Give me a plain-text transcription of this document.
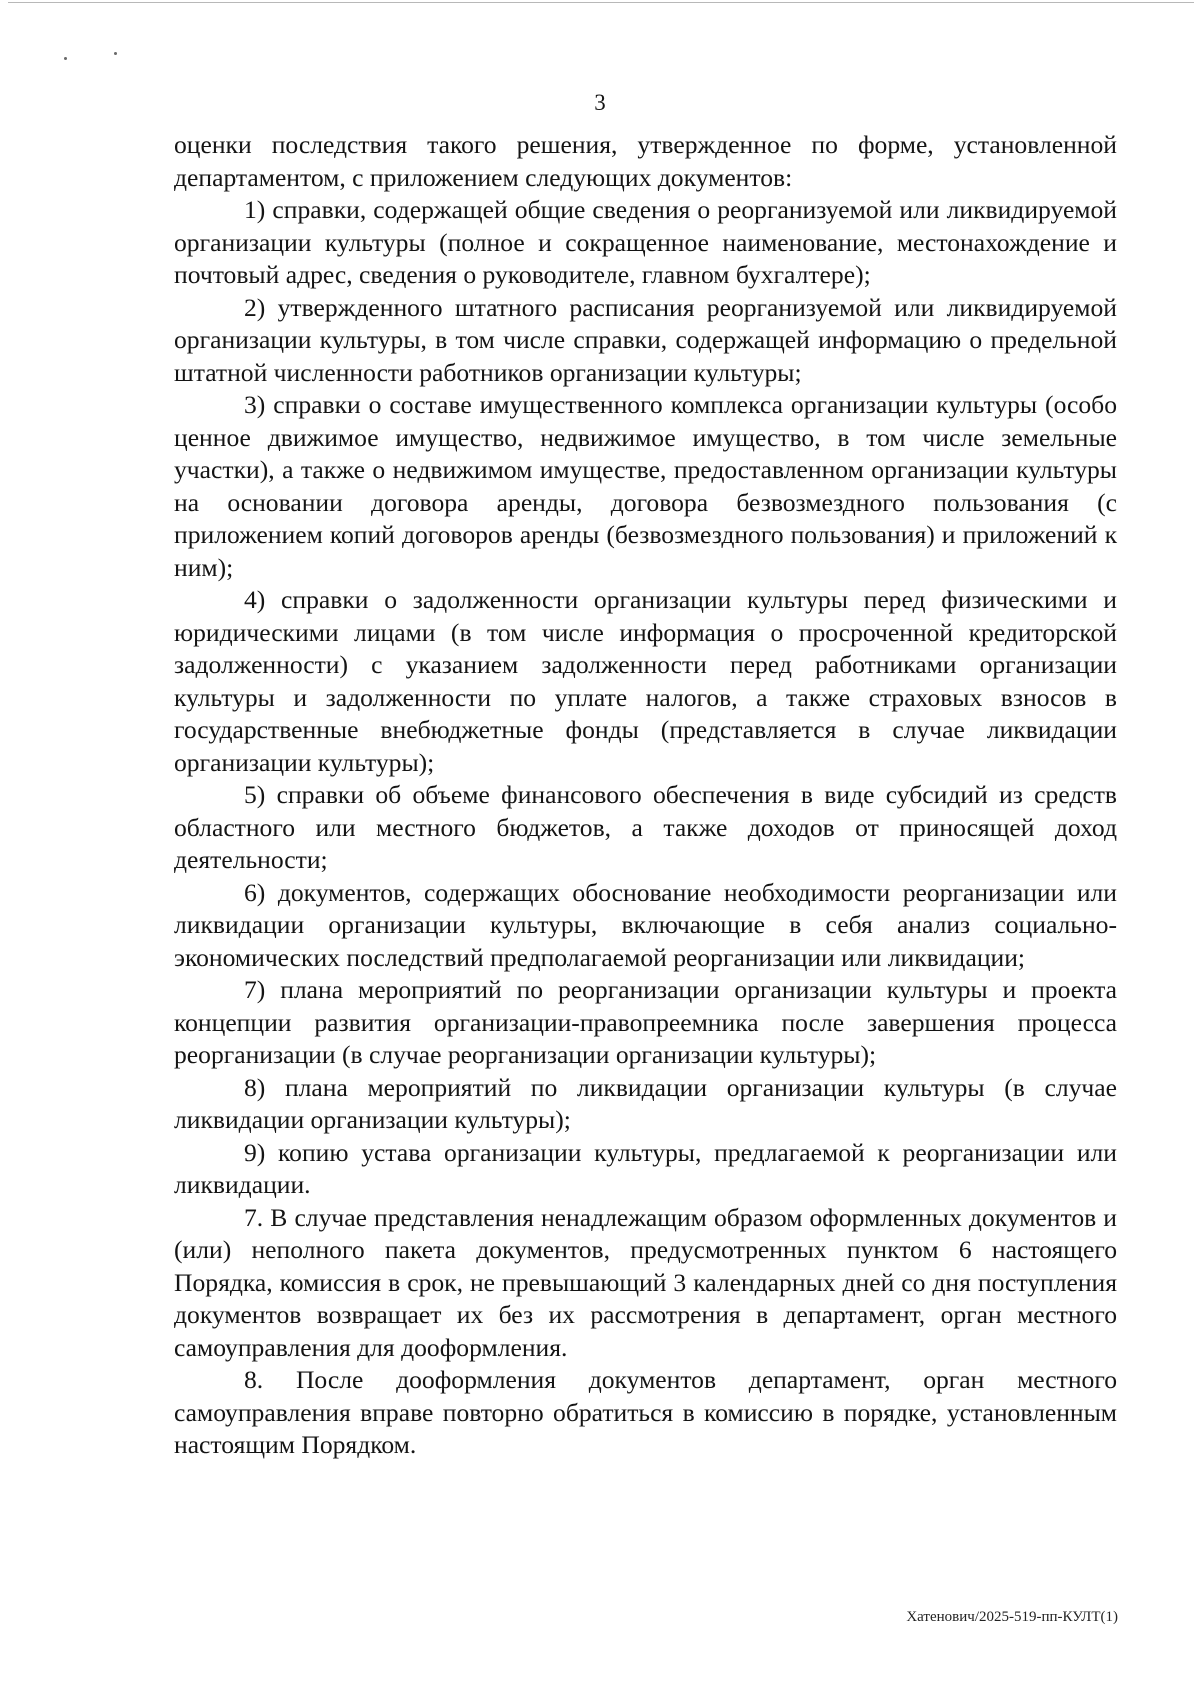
3

оценки последствия такого решения, утвержденное по форме, установленной департаментом, с приложением следующих документов:

1) справки, содержащей общие сведения о реорганизуемой или ликвидируемой организации культуры (полное и сокращенное наименование, местонахождение и почтовый адрес, сведения о руководителе, главном бухгалтере);

2) утвержденного штатного расписания реорганизуемой или ликвидируемой организации культуры, в том числе справки, содержащей информацию о предельной штатной численности работников организации культуры;

3) справки о составе имущественного комплекса организации культуры (особо ценное движимое имущество, недвижимое имущество, в том числе земельные участки), а также о недвижимом имуществе, предоставленном организации культуры на основании договора аренды, договора безвозмездного пользования (с приложением копий договоров аренды (безвозмездного пользования) и приложений к ним);

4) справки о задолженности организации культуры перед физическими и юридическими лицами (в том числе информация о просроченной кредиторской задолженности) с указанием задолженности перед работниками организации культуры и задолженности по уплате налогов, а также страховых взносов в государственные внебюджетные фонды (представляется в случае ликвидации организации культуры);

5) справки об объеме финансового обеспечения в виде субсидий из средств областного или местного бюджетов, а также доходов от приносящей доход деятельности;

6) документов, содержащих обоснование необходимости реорганизации или ликвидации организации культуры, включающие в себя анализ социально-экономических последствий предполагаемой реорганизации или ликвидации;

7) плана мероприятий по реорганизации организации культуры и проекта концепции развития организации-правопреемника после завершения процесса реорганизации (в случае реорганизации организации культуры);

8) плана мероприятий по ликвидации организации культуры (в случае ликвидации организации культуры);

9) копию устава организации культуры, предлагаемой к реорганизации или ликвидации.

7. В случае представления ненадлежащим образом оформленных документов и (или) неполного пакета документов, предусмотренных пунктом 6 настоящего Порядка, комиссия в срок, не превышающий 3 календарных дней со дня поступления документов возвращает их без их рассмотрения в департамент, орган местного самоуправления для дооформления.

8. После дооформления документов департамент, орган местного самоуправления вправе повторно обратиться в комиссию в порядке, установленным настоящим Порядком.

Хатенович/2025-519-пп-КУЛТ(1)
